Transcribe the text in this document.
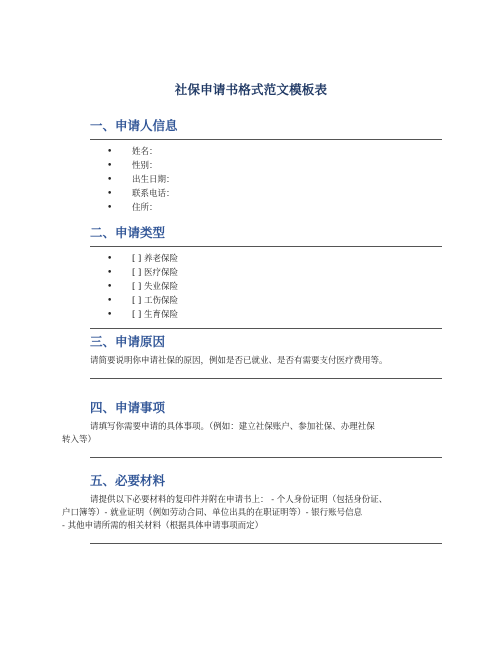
社保申请书格式范文模板表
一、申请人信息
• 姓名：
• 性别：
• 出生日期：
• 联系电话：
• 住所：
二、申请类型
• [ ] 养老保险
• [ ] 医疗保险
• [ ] 失业保险
• [ ] 工伤保险
• [ ] 生育保险
三、申请原因
请简要说明你申请社保的原因，例如是否已就业、是否有需要支付医疗费用等。
四、申请事项
请填写你需要申请的具体事项。（例如：建立社保账户、参加社保、办理社保
转入等）
五、必要材料
请提供以下必要材料的复印件并附在申请书上： - 个人身份证明（包括身份证、
户口簿等）- 就业证明（例如劳动合同、单位出具的在职证明等）- 银行账号信息
- 其他申请所需的相关材料（根据具体申请事项而定）
